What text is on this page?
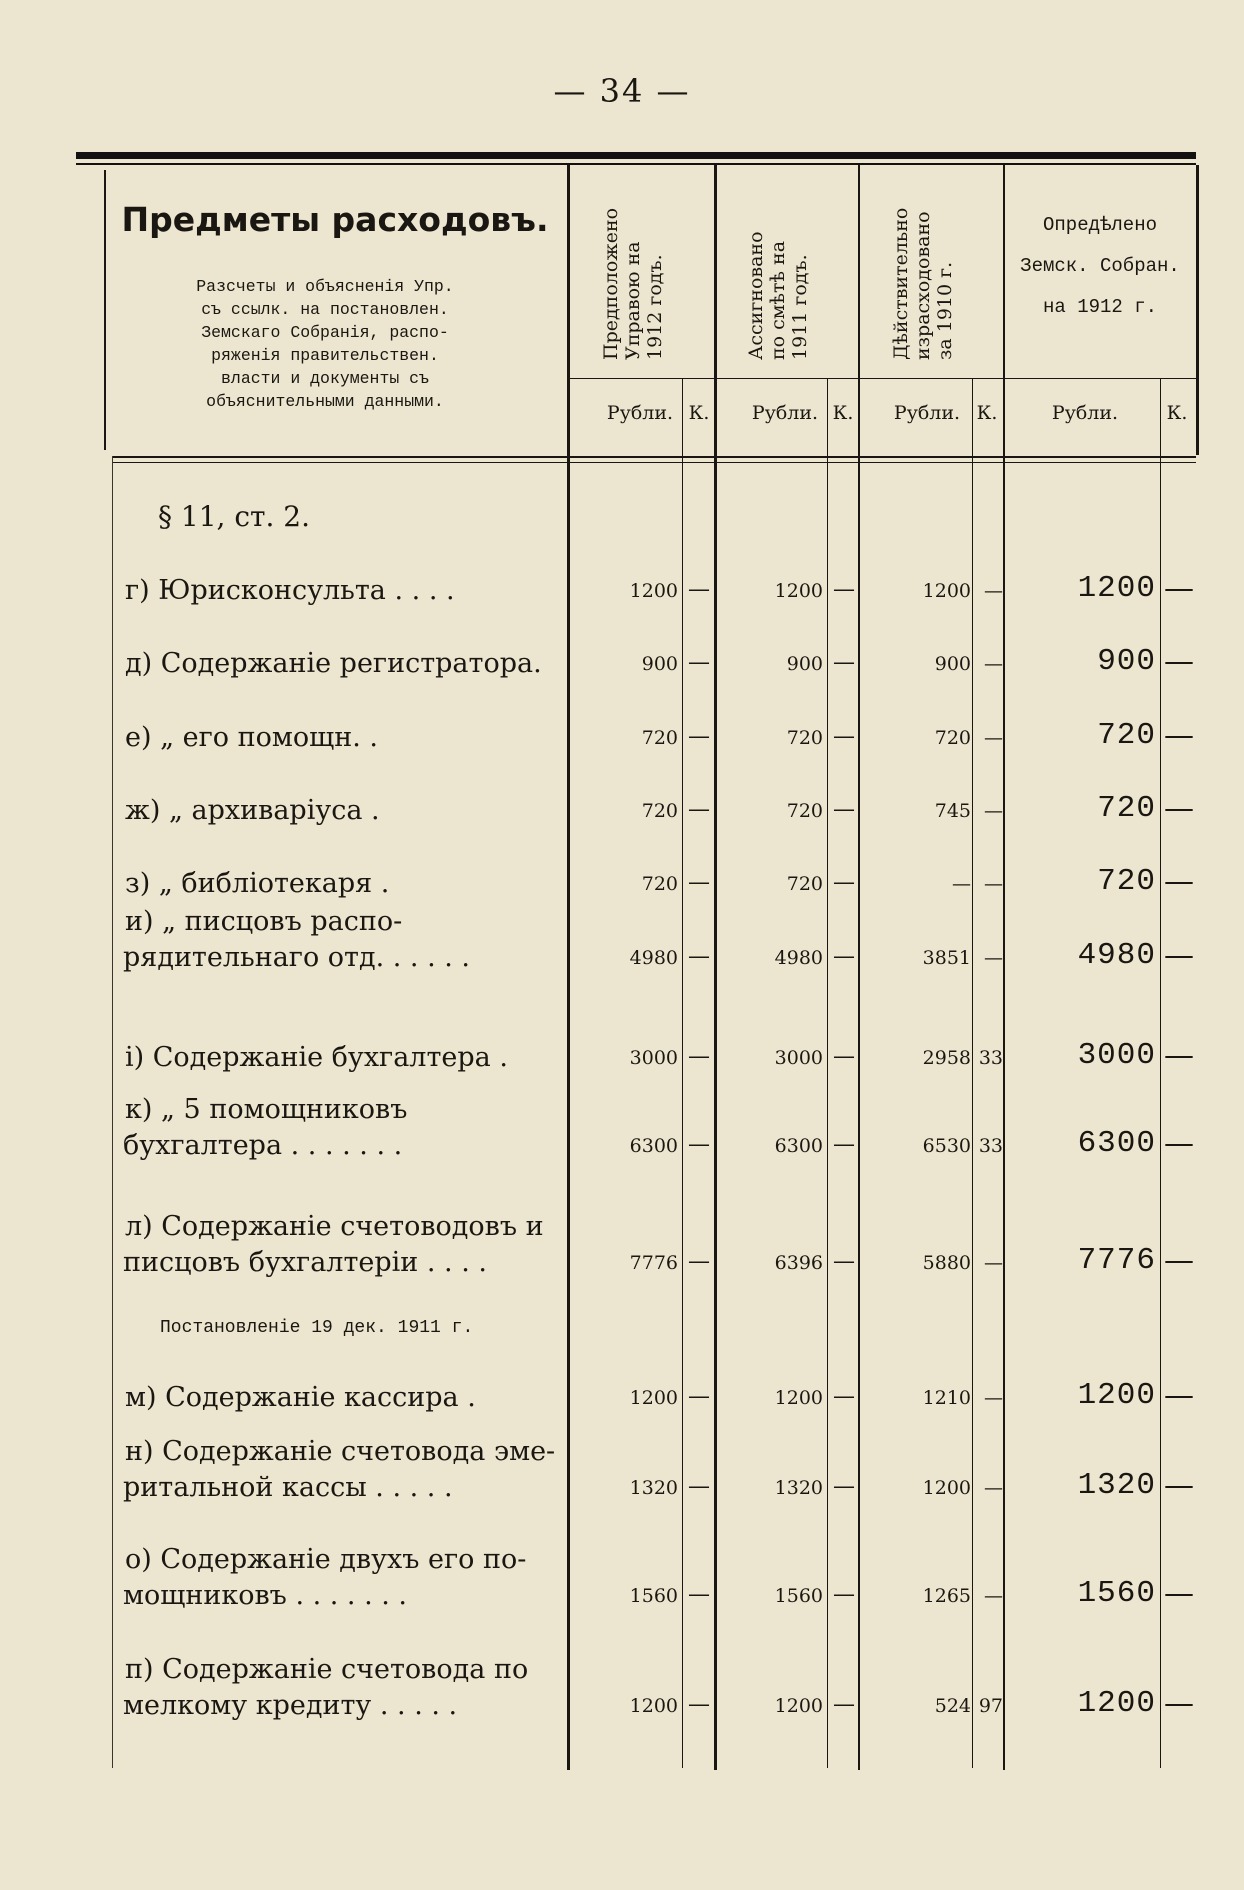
— 34 —
Предметы расходовъ.
Разсчеты и объясненія Упр.
съ ссылк. на постановлен.
Земскаго Собранія, распо-
ряженія правительствен.
власти и документы съ
объяснительными данными.
Предположено Управою на 1912 годъ.	Ассигновано по смѣтѣ на 1911 годъ.	Дѣйствительно израсходовано за 1910 г.
Опредѣлено
Земск. Собран.
на 1912 г.
Рубли. К.	Рубли. К.	Рубли. К.	Рубли.	К.
§ 11, ст. 2.
г) Юрисконсульта . . . .	1200 —	1200 —	1200 —	1200 —
д) Содержаніе регистратора.	900 —	900 —	900 —	900 —
е) „ его помощн. .	720 —	720 —	720 —	720 —
ж) „ архиваріуса .	720 —	720 —	745 —	720 —
з) „ библіотекаря .	720 —	720 —	— —	720 —
и) „ писцовъ распо-
рядительнаго отд. . . . . .	4980 —	4980 —	3851 —	4980 —
і) Содержаніе бухгалтера .	3000 —	3000 —	2958 33	3000 —
к) „ 5 помощниковъ
бухгалтера . . . . . . .	6300 —	6300 —	6530 33	6300 —
л) Содержаніе счетоводовъ и
писцовъ бухгалтеріи . . . .	7776 —	6396 —	5880 —	7776 —
м) Содержаніе кассира .	1200 —	1200 —	1210 —	1200 —
н) Содержаніе счетовода эме-
ритальной кассы . . . . .	1320 —	1320 —	1200 —	1320 —
о) Содержаніе двухъ его по-
мощниковъ . . . . . . .	1560 —	1560 —	1265 —	1560 —
п) Содержаніе счетовода по
мелкому кредиту . . . . .	1200 —	1200 —	524 97	1200 —
Постановленіе 19 дек. 1911 г.
